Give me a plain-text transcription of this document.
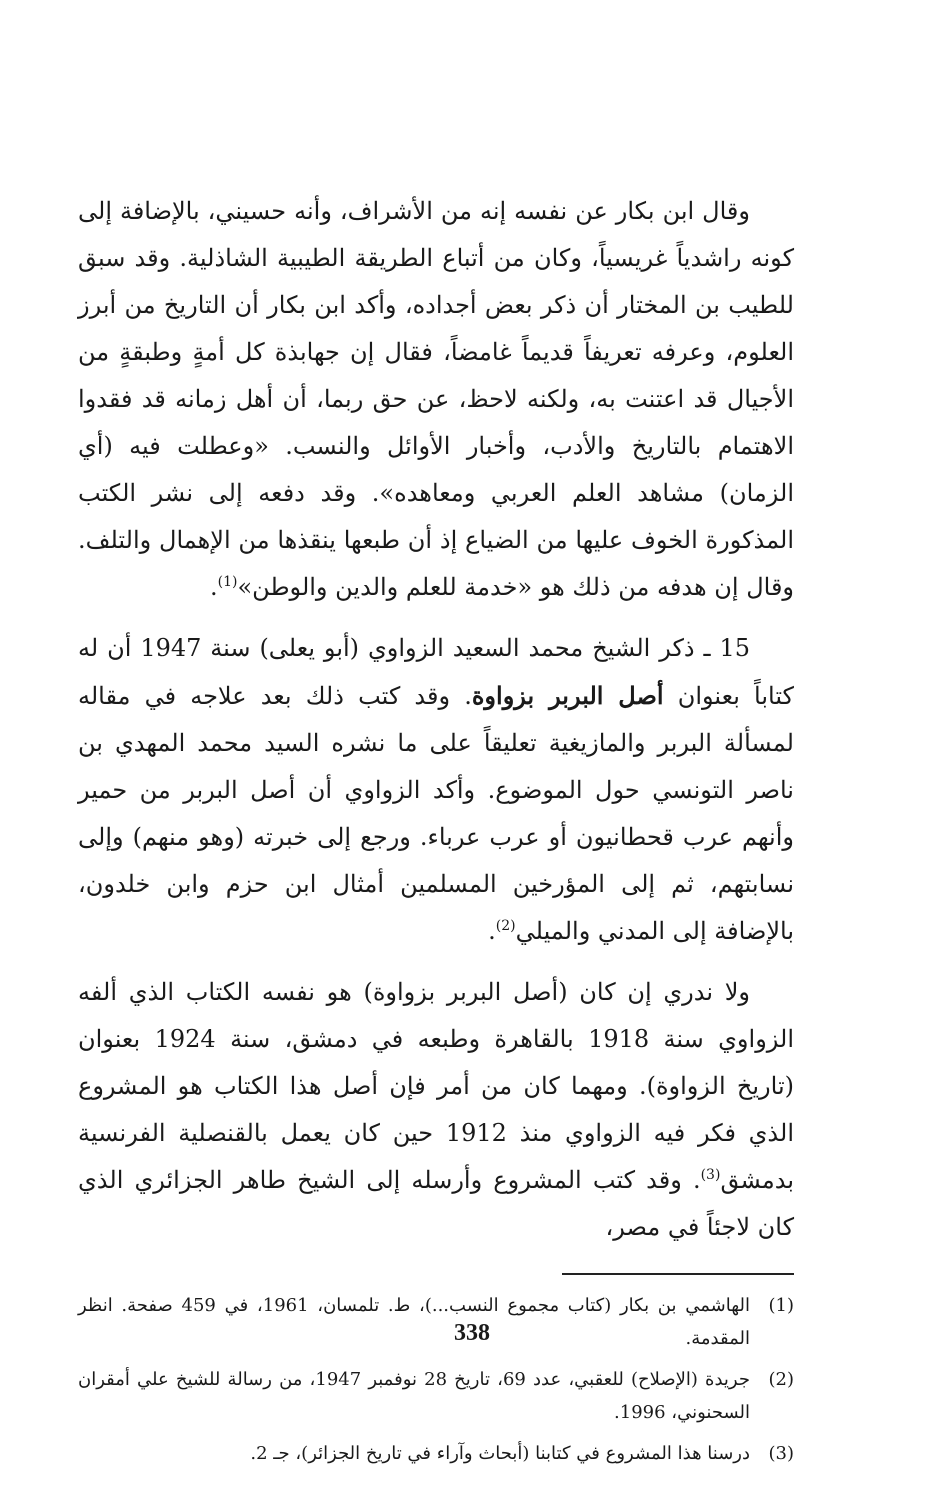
وقال ابن بكار عن نفسه إنه من الأشراف، وأنه حسيني، بالإضافة إلى كونه راشدياً غريسياً، وكان من أتباع الطريقة الطيبية الشاذلية. وقد سبق للطيب بن المختار أن ذكر بعض أجداده، وأكد ابن بكار أن التاريخ من أبرز العلوم، وعرفه تعريفاً قديماً غامضاً، فقال إن جهابذة كل أمةٍ وطبقةٍ من الأجيال قد اعتنت به، ولكنه لاحظ، عن حق ربما، أن أهل زمانه قد فقدوا الاهتمام بالتاريخ والأدب، وأخبار الأوائل والنسب. «وعطلت فيه (أي الزمان) مشاهد العلم العربي ومعاهده». وقد دفعه إلى نشر الكتب المذكورة الخوف عليها من الضياع إذ أن طبعها ينقذها من الإهمال والتلف. وقال إن هدفه من ذلك هو «خدمة للعلم والدين والوطن»$^{(1)}$.

15 ـ ذكر الشيخ محمد السعيد الزواوي (أبو يعلى) سنة 1947 أن له كتاباً بعنوان أصل البربر بزواوة. وقد كتب ذلك بعد علاجه في مقاله لمسألة البربر والمازيغية تعليقاً على ما نشره السيد محمد المهدي بن ناصر التونسي حول الموضوع. وأكد الزواوي أن أصل البربر من حمير وأنهم عرب قحطانيون أو عرب عرباء. ورجع إلى خبرته (وهو منهم) وإلى نسابتهم، ثم إلى المؤرخين المسلمين أمثال ابن حزم وابن خلدون، بالإضافة إلى المدني والميلي$^{(2)}$.

ولا ندري إن كان (أصل البربر بزواوة) هو نفسه الكتاب الذي ألفه الزواوي سنة 1918 بالقاهرة وطبعه في دمشق، سنة 1924 بعنوان (تاريخ الزواوة). ومهما كان من أمر فإن أصل هذا الكتاب هو المشروع الذي فكر فيه الزواوي منذ 1912 حين كان يعمل بالقنصلية الفرنسية بدمشق$^{(3)}$. وقد كتب المشروع وأرسله إلى الشيخ طاهر الجزائري الذي كان لاجئاً في مصر،

(1)
الهاشمي بن بكار (كتاب مجموع النسب...)، ط. تلمسان، 1961، في 459 صفحة. انظر المقدمة.
(2)
جريدة (الإصلاح) للعقبي، عدد 69، تاريخ 28 نوفمبر 1947، من رسالة للشيخ علي أمقران السحنوني، 1996.
(3)
درسنا هذا المشروع في كتابنا (أبحاث وآراء في تاريخ الجزائر)، جـ 2.
338
